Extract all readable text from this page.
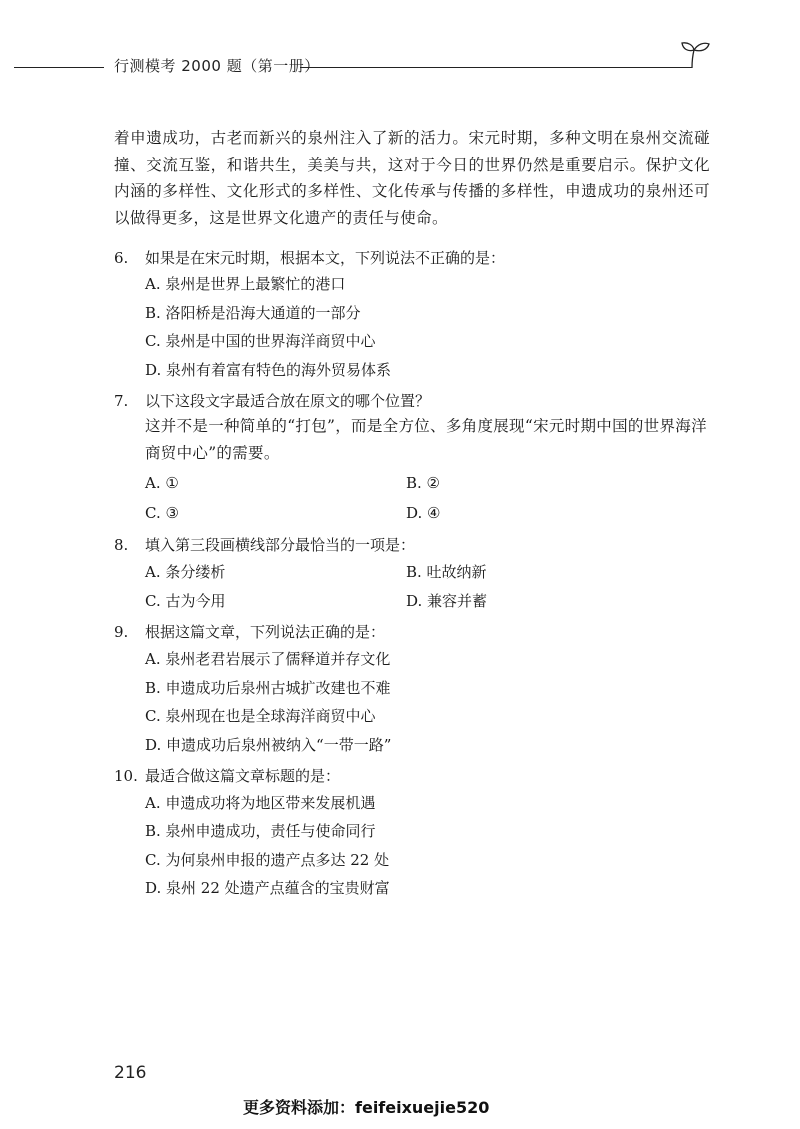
行测模考 2000 题（第一册）
着申遗成功，古老而新兴的泉州注入了新的活力。宋元时期，多种文明在泉州交流碰撞、交流互鉴，和谐共生，美美与共，这对于今日的世界仍然是重要启示。保护文化内涵的多样性、文化形式的多样性、文化传承与传播的多样性，申遗成功的泉州还可以做得更多，这是世界文化遗产的责任与使命。
6.	如果是在宋元时期，根据本文，下列说法不正确的是：
A. 泉州是世界上最繁忙的港口
B. 洛阳桥是沿海大通道的一部分
C. 泉州是中国的世界海洋商贸中心
D. 泉州有着富有特色的海外贸易体系
7.	以下这段文字最适合放在原文的哪个位置？
这并不是一种简单的“打包”，而是全方位、多角度展现“宋元时期中国的世界海洋商贸中心”的需要。
A. ①	B. ②
C. ③	D. ④
8.	填入第三段画横线部分最恰当的一项是：
A. 条分缕析	B. 吐故纳新
C. 古为今用	D. 兼容并蓄
9.	根据这篇文章，下列说法正确的是：
A. 泉州老君岩展示了儒释道并存文化
B. 申遗成功后泉州古城扩改建也不难
C. 泉州现在也是全球海洋商贸中心
D. 申遗成功后泉州被纳入“一带一路”
10. 最适合做这篇文章标题的是：
A. 申遗成功将为地区带来发展机遇
B. 泉州申遗成功，责任与使命同行
C. 为何泉州申报的遗产点多达 22 处
D. 泉州 22 处遗产点蕴含的宝贵财富
216
更多资料添加：feifeixuejie520
